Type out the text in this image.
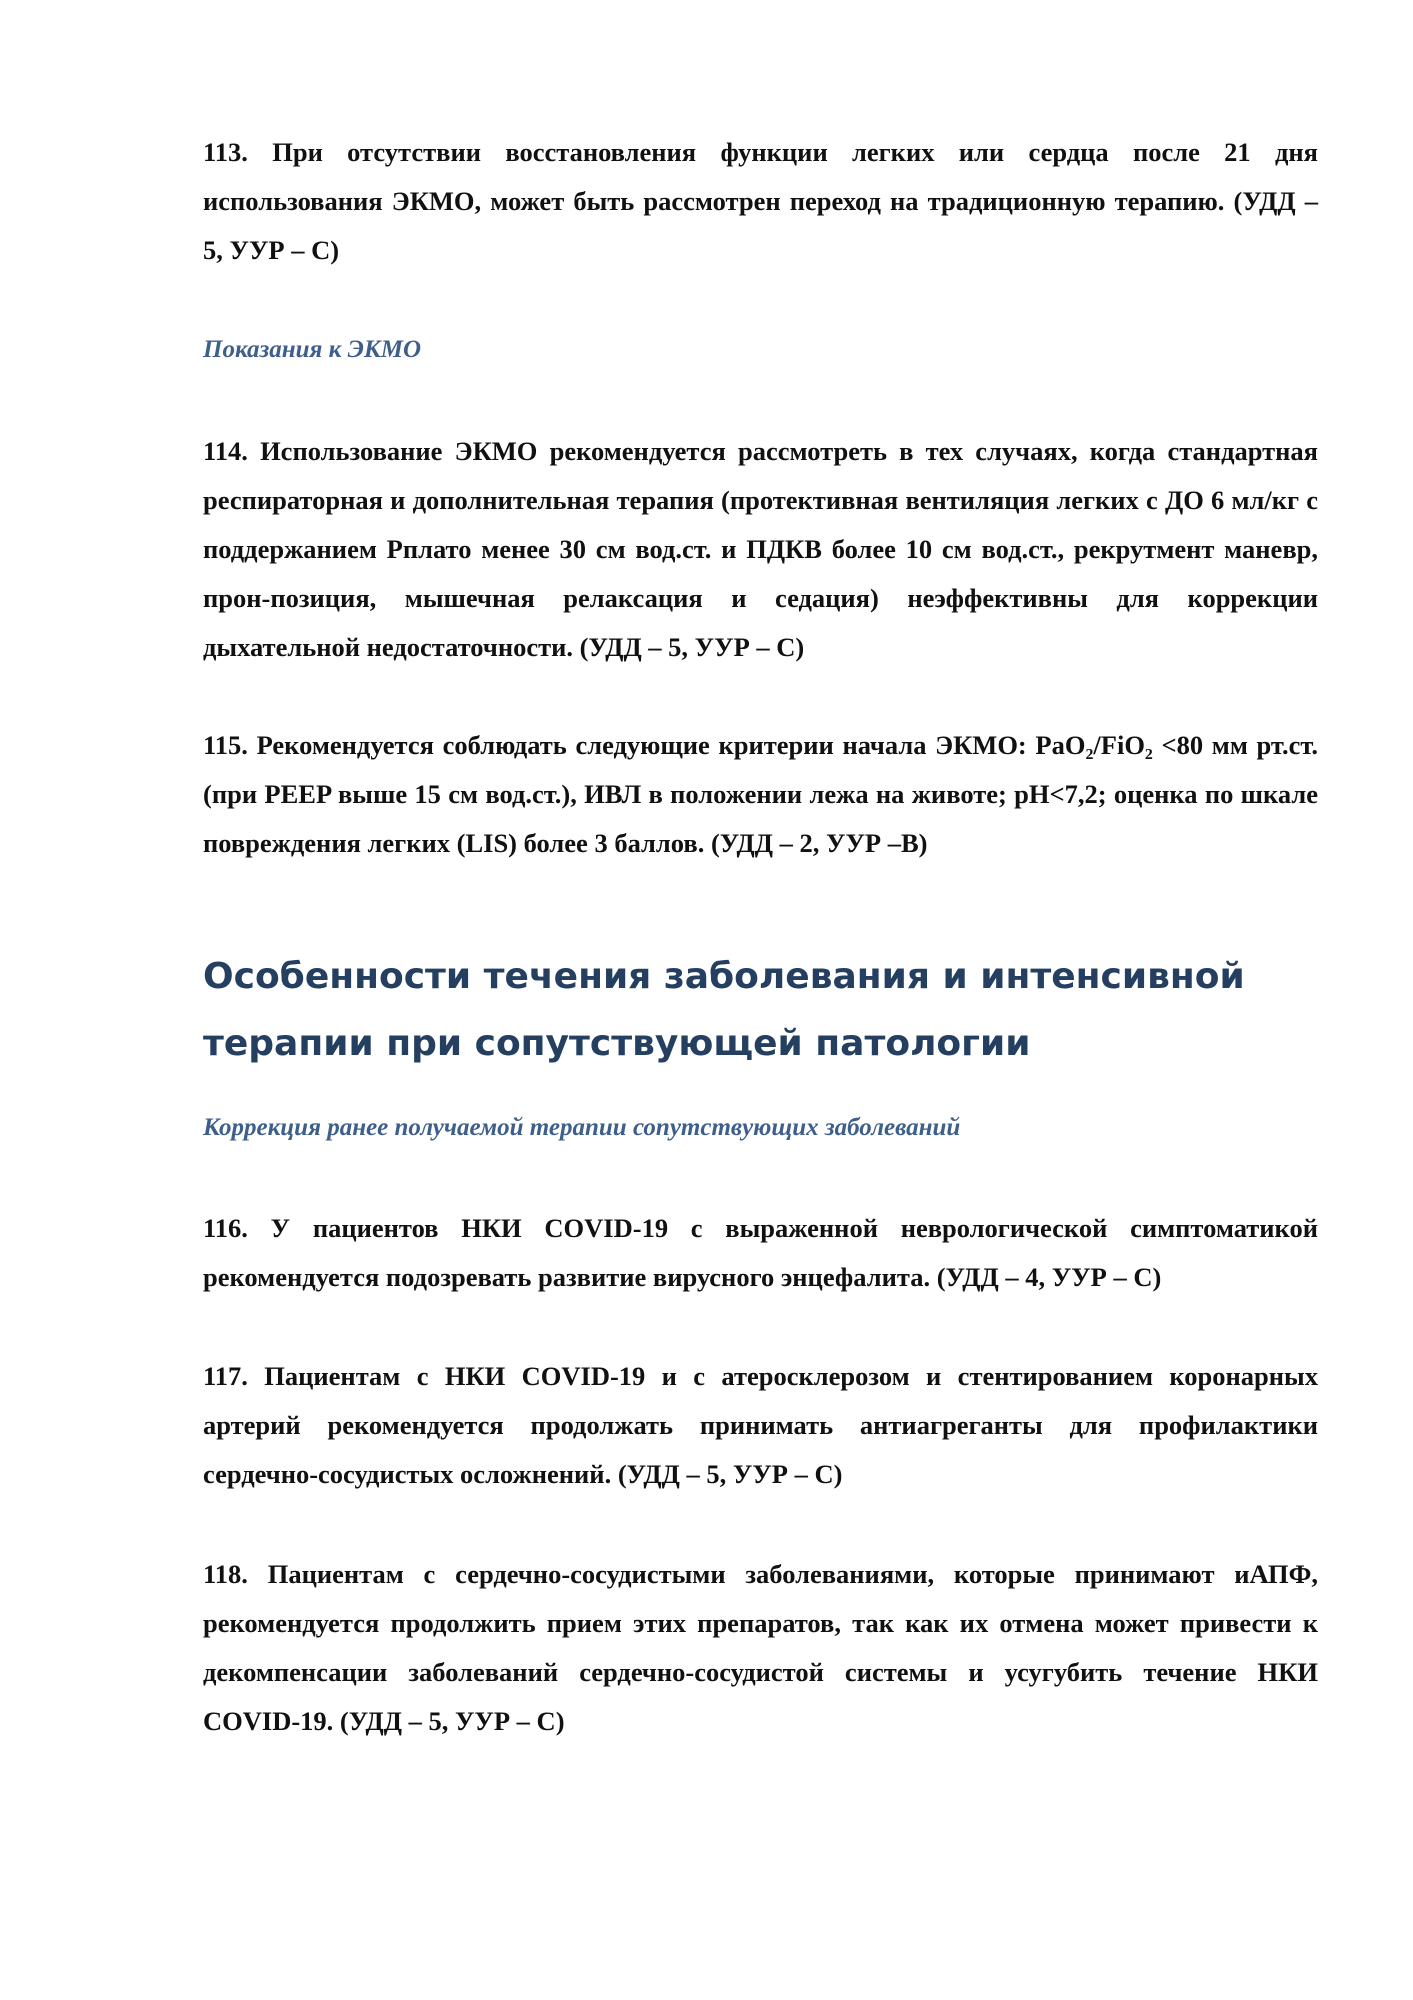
113. При отсутствии восстановления функции легких или сердца после 21 дня использования ЭКМО, может быть рассмотрен переход на традиционную терапию. (УДД – 5, УУР – С)

Показания к ЭКМО

114. Использование ЭКМО рекомендуется рассмотреть в тех случаях, когда стандартная респираторная и дополнительная терапия (протективная вентиляция легких с ДО 6 мл/кг с поддержанием Рплато менее 30 см вод.ст. и ПДКВ более 10 см вод.ст., рекрутмент маневр, прон-позиция, мышечная релаксация и седация) неэффективны для коррекции дыхательной недостаточности. (УДД – 5, УУР – С)

115. Рекомендуется соблюдать следующие критерии начала ЭКМО: PaO₂/FiO₂ <80 мм рт.ст. (при PEEP выше 15 см вод.ст.), ИВЛ в положении лежа на животе; pH<7,2; оценка по шкале повреждения легких (LIS) более 3 баллов. (УДД – 2, УУР –В)

Особенности течения заболевания и интенсивной терапии при сопутствующей патологии

Коррекция ранее получаемой терапии сопутствующих заболеваний

116. У пациентов НКИ COVID-19 с выраженной неврологической симптоматикой рекомендуется подозревать развитие вирусного энцефалита. (УДД – 4, УУР – С)

117. Пациентам с НКИ COVID-19 и с атеросклерозом и стентированием коронарных артерий рекомендуется продолжать принимать антиагреганты для профилактики сердечно-сосудистых осложнений. (УДД – 5, УУР – С)

118. Пациентам с сердечно-сосудистыми заболеваниями, которые принимают иАПФ, рекомендуется продолжить прием этих препаратов, так как их отмена может привести к декомпенсации заболеваний сердечно-сосудистой системы и усугубить течение НКИ COVID-19. (УДД – 5, УУР – С)
